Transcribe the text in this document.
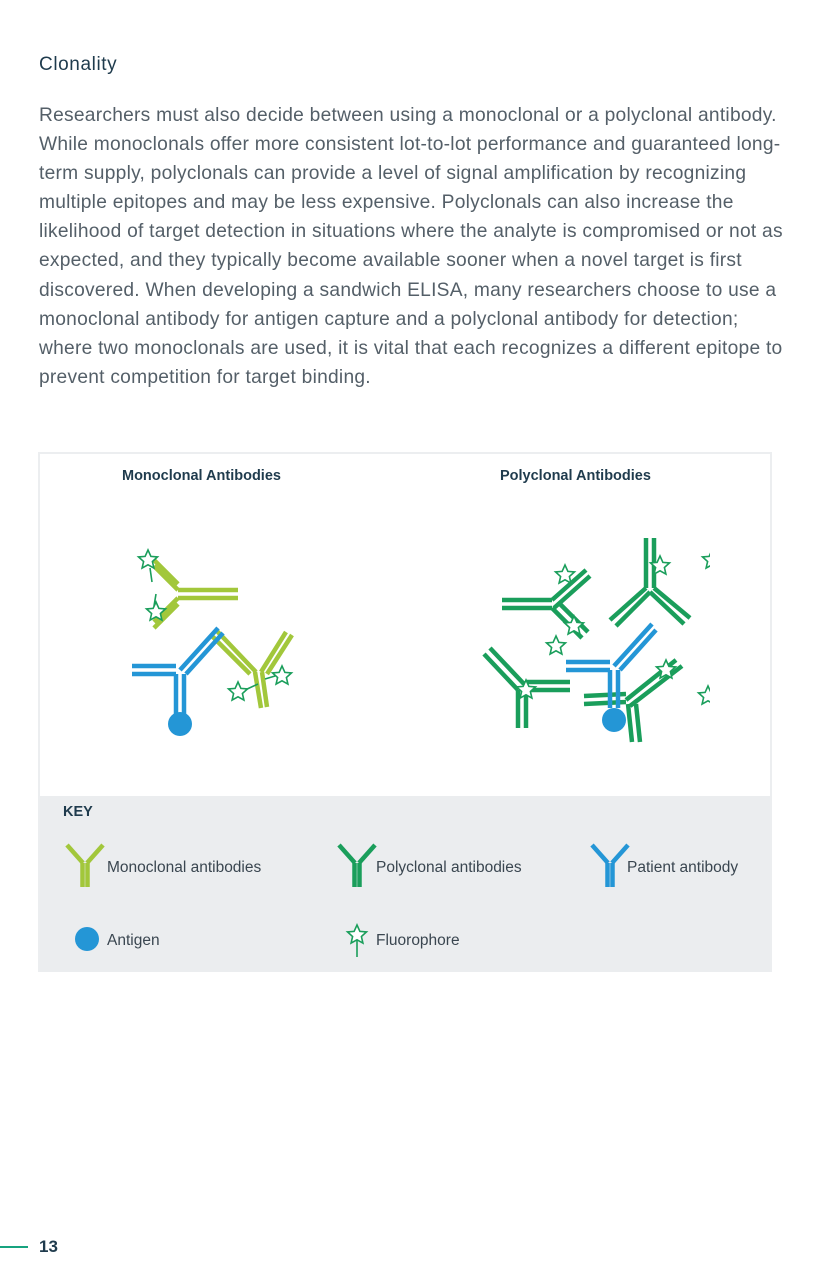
Clonality

Researchers must also decide between using a monoclonal or a polyclonal antibody. While monoclonals offer more consistent lot-to-lot performance and guaranteed long-term supply, polyclonals can provide a level of signal amplification by recognizing multiple epitopes and may be less expensive. Polyclonals can also increase the likelihood of target detection in situations where the analyte is compromised or not as expected, and they typically become available sooner when a novel target is first discovered. When developing a sandwich ELISA, many researchers choose to use a monoclonal antibody for antigen capture and a polyclonal antibody for detection; where two monoclonals are used, it is vital that each recognizes a different epitope to prevent competition for target binding.

Monoclonal Antibodies	Polyclonal Antibodies
KEY
Monoclonal antibodies	Polyclonal antibodies	Patient antibody
Antigen	Fluorophore
13
